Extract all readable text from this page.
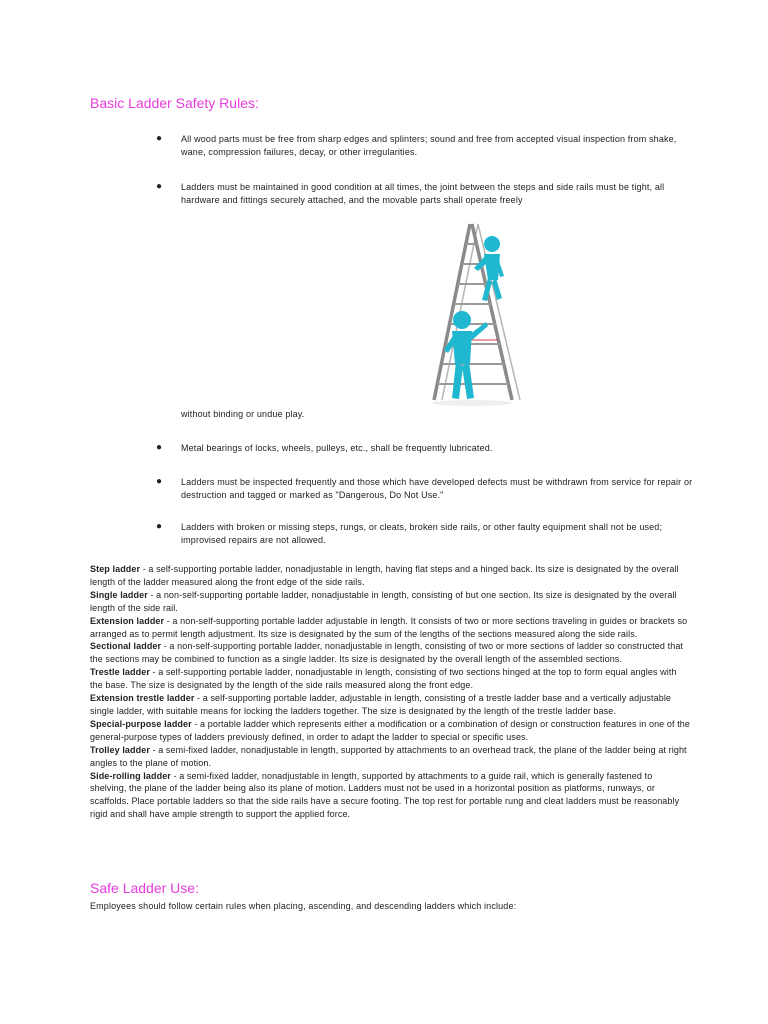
Basic Ladder Safety Rules:
● All wood parts must be free from sharp edges and splinters; sound and free from accepted visual inspection from shake, wane, compression failures, decay, or other irregularities.
● Ladders must be maintained in good condition at all times, the joint between the steps and side rails must be tight, all hardware and fittings securely attached, and the movable parts shall operate freely
without binding or undue play.
● Metal bearings of locks, wheels, pulleys, etc., shall be frequently lubricated.
● Ladders must be inspected frequently and those which have developed defects must be withdrawn from service for repair or destruction and tagged or marked as "Dangerous, Do Not Use."
● Ladders with broken or missing steps, rungs, or cleats, broken side rails, or other faulty equipment shall not be used; improvised repairs are not allowed.

Step ladder - a self-supporting portable ladder, nonadjustable in length, having flat steps and a hinged back. Its size is designated by the overall length of the ladder measured along the front edge of the side rails.

Single ladder - a non-self-supporting portable ladder, nonadjustable in length, consisting of but one section. Its size is designated by the overall length of the side rail.

Extension ladder - a non-self-supporting portable ladder adjustable in length. It consists of two or more sections traveling in guides or brackets so arranged as to permit length adjustment. Its size is designated by the sum of the lengths of the sections measured along the side rails.

Sectional ladder - a non-self-supporting portable ladder, nonadjustable in length, consisting of two or more sections of ladder so constructed that the sections may be combined to function as a single ladder. Its size is designated by the overall length of the assembled sections.

Trestle ladder - a self-supporting portable ladder, nonadjustable in length, consisting of two sections hinged at the top to form equal angles with the base. The size is designated by the length of the side rails measured along the front edge.

Extension trestle ladder - a self-supporting portable ladder, adjustable in length, consisting of a trestle ladder base and a vertically adjustable single ladder, with suitable means for locking the ladders together. The size is designated by the length of the trestle ladder base.

Special-purpose ladder - a portable ladder which represents either a modification or a combination of design or construction features in one of the general-purpose types of ladders previously defined, in order to adapt the ladder to special or specific uses.

Trolley ladder - a semi-fixed ladder, nonadjustable in length, supported by attachments to an overhead track, the plane of the ladder being at right angles to the plane of motion.

Side-rolling ladder - a semi-fixed ladder, nonadjustable in length, supported by attachments to a guide rail, which is generally fastened to shelving, the plane of the ladder being also its plane of motion. Ladders must not be used in a horizontal position as platforms, runways, or scaffolds. Place portable ladders so that the side rails have a secure footing. The top rest for portable rung and cleat ladders must be reasonably rigid and shall have ample strength to support the applied force.

Safe Ladder Use:
Employees should follow certain rules when placing, ascending, and descending ladders which include:
